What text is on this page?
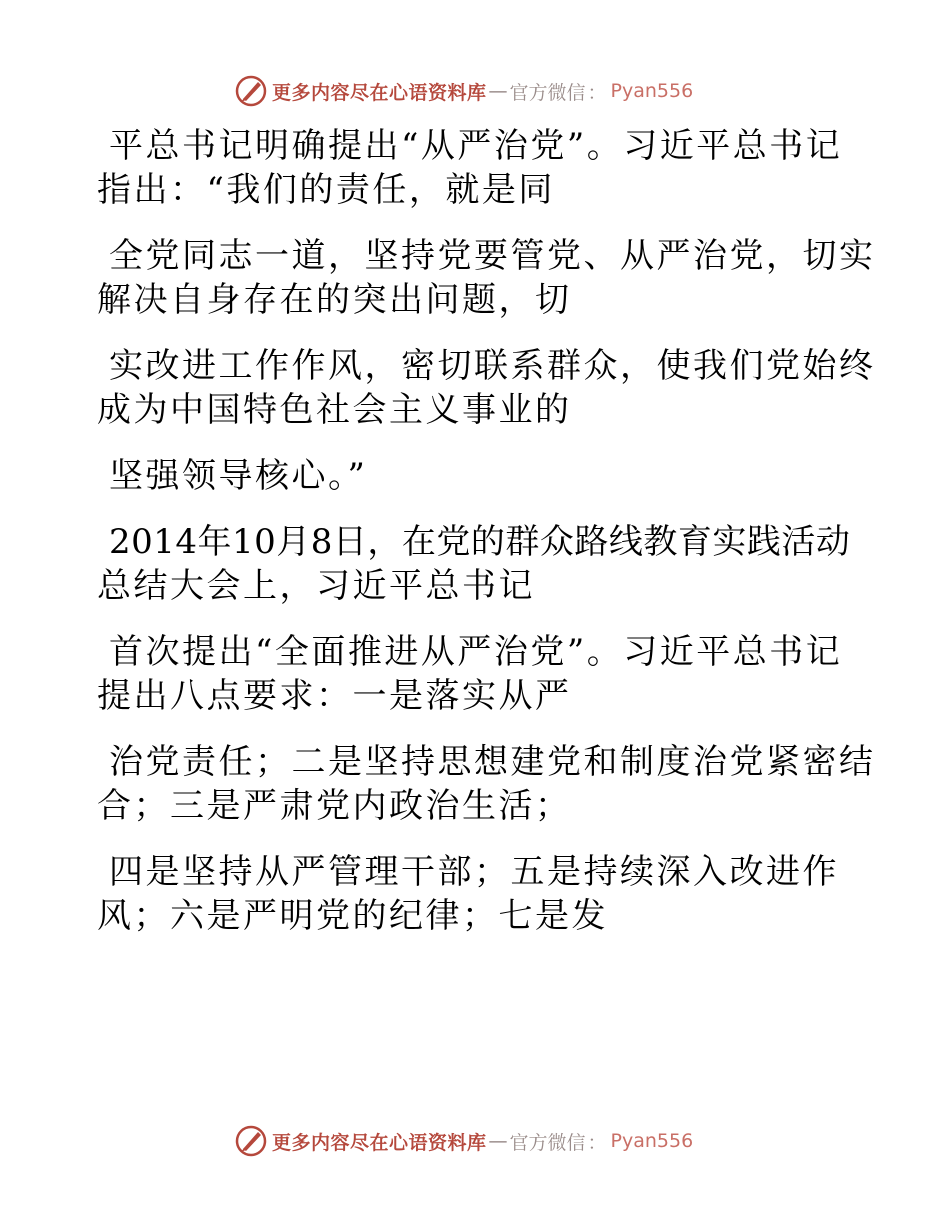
更多内容尽在心语资料库 — 官方微信 ： Pyan556
平总书记明确提出“从严治党”。习近平总书记
指出：“我们的责任，就是同
全党同志一道，坚持党要管党、从严治党，切实
解决自身存在的突出问题，切
实改进工作作风，密切联系群众，使我们党始终
成为中国特色社会主义事业的
坚强领导核心。”
2014年10月8日，在党的群众路线教育实践活动
总结大会上，习近平总书记
首次提出“全面推进从严治党”。习近平总书记
提出八点要求：一是落实从严
治党责任；二是坚持思想建党和制度治党紧密结
合；三是严肃党内政治生活；
四是坚持从严管理干部；五是持续深入改进作
风；六是严明党的纪律；七是发
更多内容尽在心语资料库 — 官方微信 ： Pyan556
